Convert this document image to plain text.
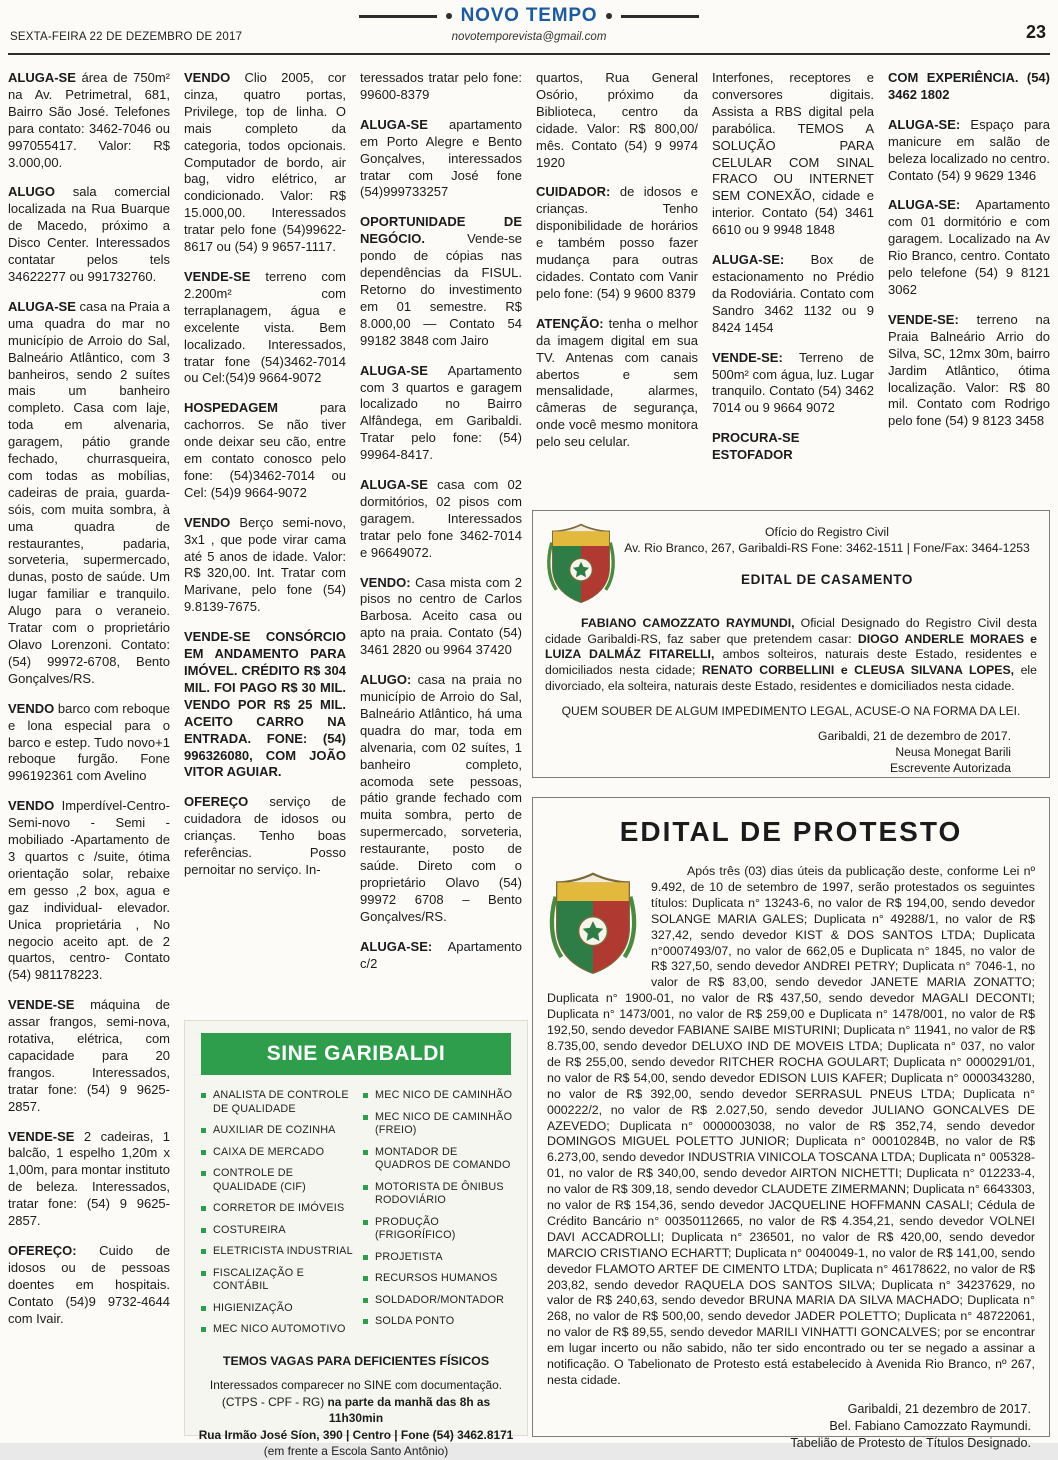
NOVO TEMPO
SEXTA-FEIRA 22 DE DEZEMBRO DE 2017	novotemporevista@gmail.com	23

ALUGA-SE área de 750m² na Av. Petrimetral, 681, Bairro São José. Telefones para contato: 3462-7046 ou 997055417. Valor: R$ 3.000,00.

ALUGO sala comercial localizada na Rua Buarque de Macedo, próximo a Disco Center. Interessados contatar pelos tels 34622277 ou 991732760.

ALUGA-SE casa na Praia a uma quadra do mar no município de Arroio do Sal, Balneário Atlântico, com 3 banheiros, sendo 2 suítes mais um banheiro completo. Casa com laje, toda em alvenaria, garagem, pátio grande fechado, churrasqueira, com todas as mobílias, cadeiras de praia, guarda-sóis, com muita sombra, à uma quadra de restaurantes, padaria, sorveteria, supermercado, dunas, posto de saúde. Um lugar familiar e tranquilo. Alugo para o veraneio. Tratar com o proprietário Olavo Lorenzoni. Contato: (54) 99972-6708, Bento Gonçalves/RS.

VENDO barco com reboque e lona especial para o barco e estep. Tudo novo+1 reboque furgão. Fone 996192361 com Avelino

VENDO Imperdível-Centro- Semi-novo - Semi -mobiliado -Apartamento de 3 quartos c /suite, ótima orientação solar, rebaixe em gesso ,2 box, agua e gaz individual- elevador. Unica proprietária , No negocio aceito apt. de 2 quartos, centro- Contato (54) 981178223.

VENDE-SE máquina de assar frangos, semi-nova, rotativa, elétrica, com capacidade para 20 frangos. Interessados, tratar fone: (54) 9 9625-2857.

VENDE-SE 2 cadeiras, 1 balcão, 1 espelho 1,20m x 1,00m, para montar instituto de beleza. Interessados, tratar fone: (54) 9 9625-2857.

OFEREÇO: Cuido de idosos ou de pessoas doentes em hospitais. Contato (54)9 9732-4644 com Ivair.

VENDO Clio 2005, cor cinza, quatro portas, Privilege, top de linha. O mais completo da categoria, todos opcionais. Computador de bordo, air bag, vidro elétrico, ar condicionado. Valor: R$ 15.000,00. Interessados tratar pelo fone (54)99622-8617 ou (54) 9 9657-1117.

VENDE-SE terreno com 2.200m² com terraplanagem, água e excelente vista. Bem localizado. Interessados, tratar fone (54)3462-7014 ou Cel:(54)9 9664-9072

HOSPEDAGEM	para cachorros. Se não tiver onde deixar seu cão, entre em contato conosco pelo fone: (54)3462-7014 ou Cel: (54)9 9664-9072

VENDO Berço semi-novo, 3x1 , que pode virar cama até 5 anos de idade. Valor: R$ 320,00. Int. Tratar com Marivane, pelo fone (54) 9.8139-7675.

VENDE-SE CONSÓRCIO EM ANDAMENTO PARA IMÓVEL. CRÉDITO R$ 304 MIL. FOI PAGO R$ 30 MIL. VENDO POR R$ 25 MIL. ACEITO CARRO NA ENTRADA. FONE: (54) 996326080, COM JOÃO VITOR AGUIAR.

OFEREÇO serviço de cuidadora de idosos ou crianças. Tenho boas referências. Posso pernoitar no serviço. In-

teressados tratar pelo fone: 99600-8379

ALUGA-SE apartamento em Porto Alegre e Bento Gonçalves, interessados tratar com José fone (54)999733257

OPORTUNIDADE DE NEGÓCIO.	Vende-se pondo de cópias nas dependências da FISUL. Retorno do investimento em 01 semestre. R$ 8.000,00 — Contato 54 99182 3848 com Jairo

ALUGA-SE Apartamento com 3 quartos e garagem localizado no Bairro Alfândega, em Garibaldi. Tratar pelo fone: (54) 99964-8417.

ALUGA-SE casa com 02 dormitórios, 02 pisos com garagem. Interessados tratar pelo fone 3462-7014 e 96649072.

VENDO: Casa mista com 2 pisos no centro de Carlos Barbosa. Aceito casa ou apto na praia. Contato (54) 3461 2820 ou 9964 37420

ALUGO: casa na praia no município de Arroio do Sal, Balneário Atlântico, há uma quadra do mar, toda em alvenaria, com 02 suítes, 1 banheiro completo, acomoda sete pessoas, pátio grande fechado com muita sombra, perto de supermercado, sorveteria, restaurante, posto de saúde. Direto com o proprietário Olavo (54) 99972 6708 – Bento Gonçalves/RS.

ALUGA-SE: Apartamento c/2

quartos, Rua General Osório, próximo da Biblioteca, centro da cidade. Valor: R$ 800,00/ mês. Contato (54) 9 9974 1920

CUIDADOR: de idosos e crianças. Tenho disponibilidade de horários e também posso fazer mudança para outras cidades. Contato com Vanir pelo fone: (54) 9 9600 8379

ATENÇÃO: tenha o melhor da imagem digital em sua TV. Antenas com canais abertos e sem mensalidade, alarmes, câmeras de segurança, onde você mesmo monitora pelo seu celular.

Interfones, receptores e conversores digitais. Assista a RBS digital pela parabólica. TEMOS A SOLUÇÃO PARA CELULAR COM SINAL FRACO OU INTERNET SEM CONEXÃO, cidade e interior. Contato (54) 3461 6610 ou 9 9948 1848

ALUGA-SE: Box de estacionamento no Prédio da Rodoviária. Contato com Sandro 3462 1132 ou 9 8424 1454

VENDE-SE: Terreno de 500m² com água, luz. Lugar tranquilo. Contato (54) 3462 7014 ou 9 9664 9072

PROCURA-SE ESTOFADOR

COM EXPERIÊNCIA. (54) 3462 1802

ALUGA-SE: Espaço para manicure em salão de beleza localizado no centro. Contato (54) 9 9629 1346

ALUGA-SE: Apartamento com 01 dormitório e com garagem. Localizado na Av Rio Branco, centro. Contato pelo telefone (54) 9 8121 3062

VENDE-SE: terreno na Praia Balneário Arrio do Silva, SC, 12mx 30m, bairro Jardim Atlântico, ótima localização. Valor: R$ 80 mil. Contato com Rodrigo pelo fone (54) 9 8123 3458

Ofício do Registro Civil
Av. Rio Branco, 267, Garibaldi-RS Fone: 3462-1511 | Fone/Fax: 3464-1253
EDITAL DE CASAMENTO

FABIANO CAMOZZATO RAYMUNDI, Oficial Designado do Registro Civil desta cidade Garibaldi-RS, faz saber que pretendem casar: DIOGO ANDERLE MORAES e LUIZA DALMÁZ FITARELLI, ambos solteiros, naturais deste Estado, residentes e domiciliados nesta cidade; RENATO CORBELLINI e CLEUSA SILVANA LOPES, ele divorciado, ela solteira, naturais deste Estado, residentes e domiciliados nesta cidade.

QUEM SOUBER DE ALGUM IMPEDIMENTO LEGAL, ACUSE-O NA FORMA DA LEI.

Garibaldi, 21 de dezembro de 2017.
Neusa Monegat Barili
Escrevente Autorizada
EDITAL DE PROTESTO

Após três (03) dias úteis da publicação deste, conforme Lei nº 9.492, de 10 de setembro de 1997, serão protestados os seguintes títulos: Duplicata n° 13243-6, no valor de R$ 194,00, sendo devedor SOLANGE MARIA GALES; Duplicata n° 49288/1, no valor de R$ 327,42, sendo devedor KIST & DOS SANTOS LTDA; Duplicata n°0007493/07, no valor de 662,05 e Duplicata n° 1845, no valor de R$ 327,50, sendo devedor ANDREI PETRY; Duplicata n° 7046-1, no valor de R$ 83,00, sendo devedor JANETE MARIA ZONATTO; Duplicata n° 1900-01, no valor de R$ 437,50, sendo devedor MAGALI DECONTI; Duplicata n° 1473/001, no valor de R$ 259,00 e Duplicata n° 1478/001, no valor de R$ 192,50, sendo devedor FABIANE SAIBE MISTURINI; Duplicata n° 11941, no valor de R$ 8.735,00, sendo devedor DELUXO IND DE MOVEIS LTDA; Duplicata n° 037, no valor de R$ 255,00, sendo devedor RITCHER ROCHA GOULART; Duplicata n° 0000291/01, no valor de R$ 54,00, sendo devedor EDISON LUIS KAFER; Duplicata n° 0000343280, no valor de R$ 392,00, sendo devedor SERRASUL PNEUS LTDA; Duplicata n° 000222/2, no valor de R$ 2.027,50, sendo devedor JULIANO GONCALVES DE AZEVEDO; Duplicata n° 0000003038, no valor de R$ 352,74, sendo devedor DOMINGOS MIGUEL POLETTO JUNIOR; Duplicata n° 00010284B, no valor de R$ 6.273,00, sendo devedor INDUSTRIA VINICOLA TOSCANA LTDA; Duplicata n° 005328-01, no valor de R$ 340,00, sendo devedor AIRTON NICHETTI; Duplicata n° 012233-4, no valor de R$ 309,18, sendo devedor CLAUDETE ZIMERMANN; Duplicata n° 6643303, no valor de R$ 154,36, sendo devedor JACQUELINE HOFFMANN CASALI; Cédula de Crédito Bancário n° 00350112665, no valor de R$ 4.354,21, sendo devedor VOLNEI DAVI ACCADROLLI; Duplicata n° 236501, no valor de R$ 420,00, sendo devedor MARCIO CRISTIANO ECHARTT; Duplicata n° 0040049-1, no valor de R$ 141,00, sendo devedor FLAMOTO ARTEF DE CIMENTO LTDA; Duplicata n° 46178622, no valor de R$ 203,82, sendo devedor RAQUELA DOS SANTOS SILVA; Duplicata n° 34237629, no valor de R$ 240,63, sendo devedor BRUNA MARIA DA SILVA MACHADO; Duplicata n° 268, no valor de R$ 500,00, sendo devedor JADER POLETTO; Duplicata n° 48722061, no valor de R$ 89,55, sendo devedor MARILI VINHATTI GONCALVES; por se encontrar em lugar incerto ou não sabido, não ter sido encontrado ou ter se negado a assinar a notificação. O Tabelionato de Protesto está estabelecido à Avenida Rio Branco, nº 267, nesta cidade.

Garibaldi, 21 dezembro de 2017.
Bel. Fabiano Camozzato Raymundi.
Tabelião de Protesto de Títulos Designado.
SINE GARIBALDI
ANALISTA DE CONTROLE DE QUALIDADE
AUXILIAR DE COZINHA
CAIXA DE MERCADO
CONTROLE DE QUALIDADE (CIF)
CORRETOR DE IMÓVEIS
COSTUREIRA
ELETRICISTA INDUSTRIAL
FISCALIZAÇÃO E CONTÁBIL
HIGIENIZAÇÃO
MEC NICO AUTOMOTIVO
MEC NICO DE CAMINHÃO
MEC NICO DE CAMINHÃO (FREIO)
MONTADOR DE QUADROS DE COMANDO
MOTORISTA DE ÔNIBUS RODOVIÁRIO
PRODUÇÃO (FRIGORÍFICO)
PROJETISTA
RECURSOS HUMANOS
SOLDADOR/MONTADOR
SOLDA PONTO
TEMOS VAGAS PARA DEFICIENTES FÍSICOS
Interessados comparecer no SINE com documentação.
(CTPS - CPF - RG) na parte da manhã das 8h as 11h30min
Rua Irmão José Síon, 390 | Centro | Fone (54) 3462.8171
(em frente a Escola Santo Antônio)
